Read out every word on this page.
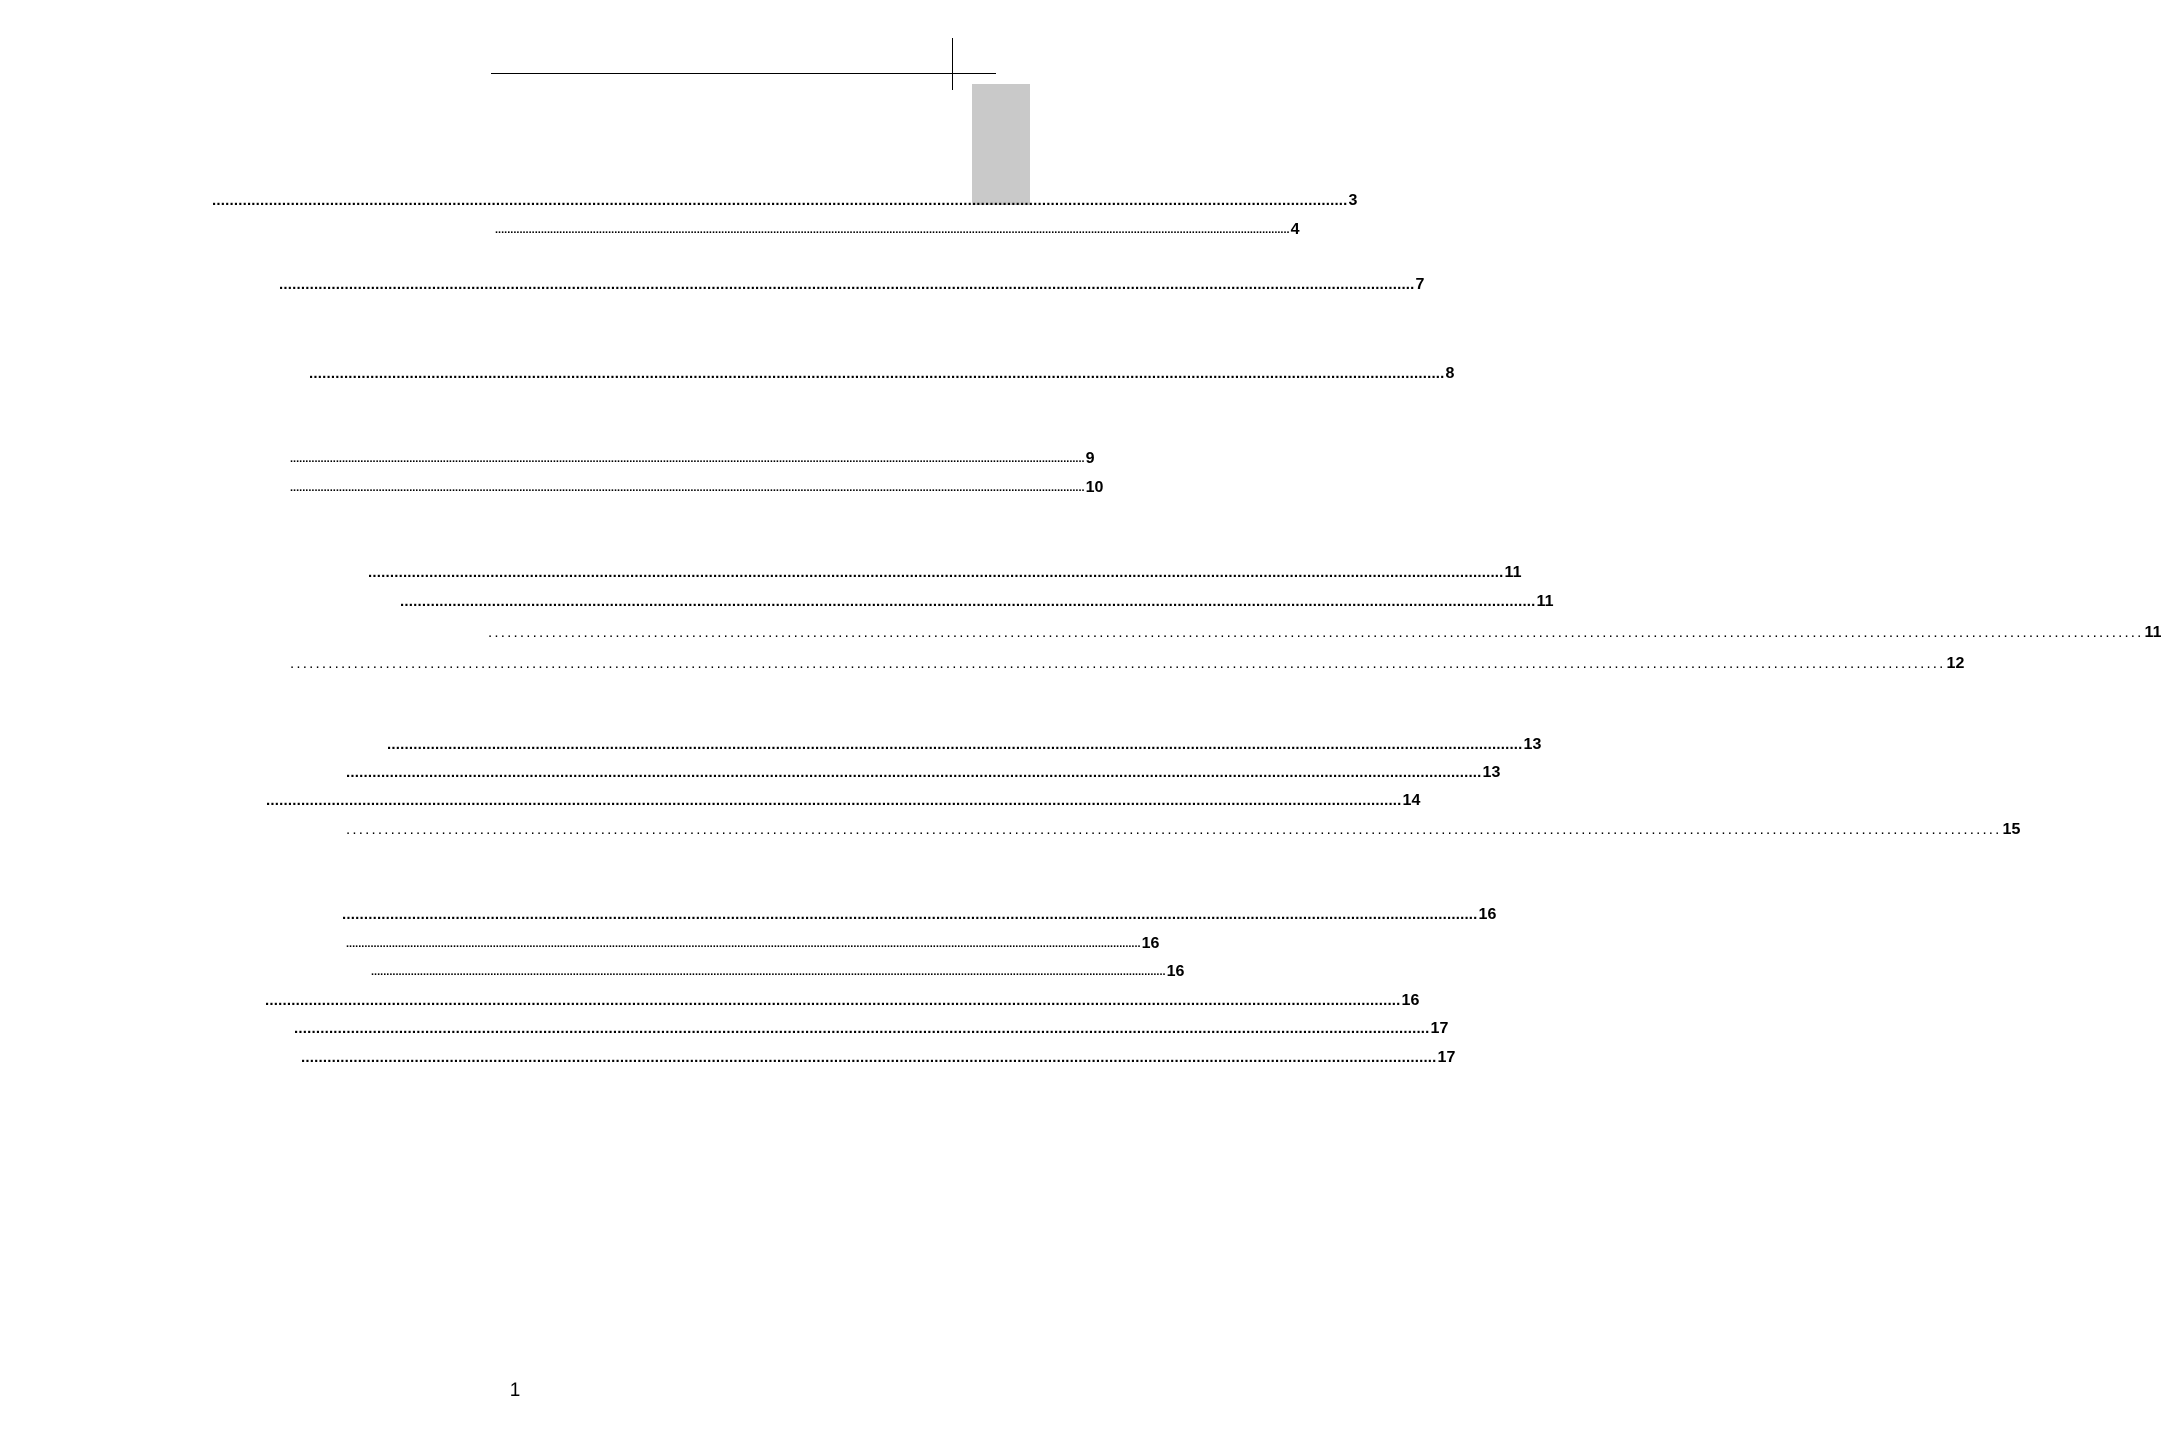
.................................................................................................................................................................................................................................................................... 3
.................................................................................................................................................................................................................................................................... 4
.................................................................................................................................................................................................................................................................... 7
.................................................................................................................................................................................................................................................................... 8
.................................................................................................................................................................................................................................................................... 9
.................................................................................................................................................................................................................................................................... 10
.................................................................................................................................................................................................................................................................... 11
.................................................................................................................................................................................................................................................................... 11
.................................................................................................................................................................................................................................................................... 11
.................................................................................................................................................................................................................................................................... 12
.................................................................................................................................................................................................................................................................... 13
.................................................................................................................................................................................................................................................................... 13
.................................................................................................................................................................................................................................................................... 14
.................................................................................................................................................................................................................................................................... 15
.................................................................................................................................................................................................................................................................... 16
.................................................................................................................................................................................................................................................................... 16
.................................................................................................................................................................................................................................................................... 16
.................................................................................................................................................................................................................................................................... 16
.................................................................................................................................................................................................................................................................... 17
.................................................................................................................................................................................................................................................................... 17
1
